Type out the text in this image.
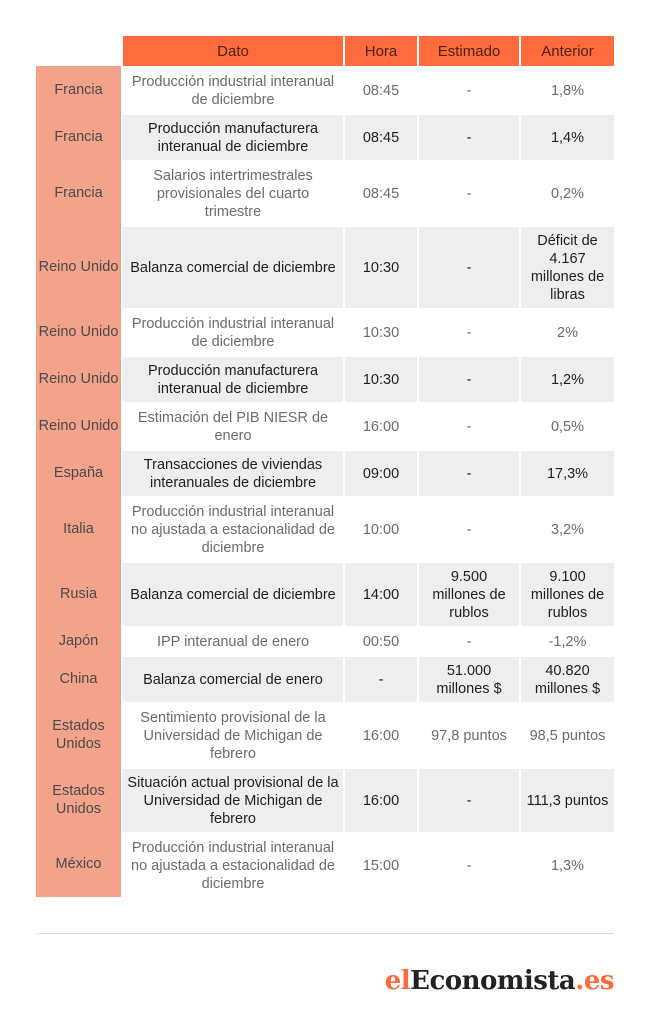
	Dato	Hora	Estimado	Anterior
Francia	Producción industrial interanual de diciembre	08:45	-	1,8%
Francia	Producción manufacturera interanual de diciembre	08:45	-	1,4%
Francia	Salarios intertrimestrales provisionales del cuarto trimestre	08:45	-	0,2%
Reino Unido	Balanza comercial de diciembre	10:30	-	Déficit de 4.167 millones de libras
Reino Unido	Producción industrial interanual de diciembre	10:30	-	2%
Reino Unido	Producción manufacturera interanual de diciembre	10:30	-	1,2%
Reino Unido	Estimación del PIB NIESR de enero	16:00	-	0,5%
España	Transacciones de viviendas interanuales de diciembre	09:00	-	17,3%
Italia	Producción industrial interanual no ajustada a estacionalidad de diciembre	10:00	-	3,2%
Rusia	Balanza comercial de diciembre	14:00	9.500 millones de rublos	9.100 millones de rublos
Japón	IPP interanual de enero	00:50	-	-1,2%
China	Balanza comercial de enero	-	51.000 millones $	40.820 millones $
Estados Unidos	Sentimiento provisional de la Universidad de Michigan de febrero	16:00	97,8 puntos	98,5 puntos
Estados Unidos	Situación actual provisional de la Universidad de Michigan de febrero	16:00	-	111,3 puntos
México	Producción industrial interanual no ajustada a estacionalidad de diciembre	15:00	-	1,3%
elEconomista.es
